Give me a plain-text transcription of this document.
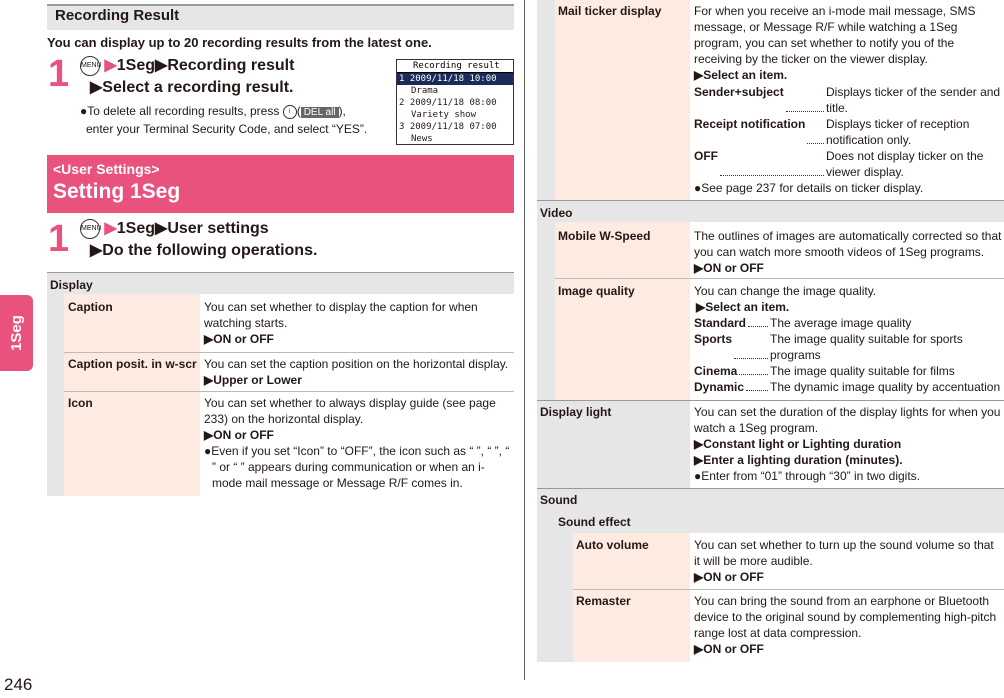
1Seg
246
Recording Result
You can display up to 20 recording results from the latest one.
1 MENU ▶1Seg▶Recording result
▶Select a recording result.
●To delete all recording results, press i ( DEL all ),
enter your Terminal Security Code, and select “YES”.
Recording result
1 2009/11/18 10:00
Drama
2 2009/11/18 08:00
Variety show
3 2009/11/18 07:00
News
<User Settings>
Setting 1Seg
1 MENU ▶1Seg▶User settings
▶Do the following operations.
Display
Caption	You can set whether to display the caption for when watching starts.
▶ON or OFF
Caption posit. in w-scr You can set the caption position on the horizontal display.
▶Upper or Lower
Icon	You can set whether to always display guide (see page 233) on the horizontal display.
▶ON or OFF
●Even if you set “Icon” to “OFF”, the icon such as “ ”, “ ”, “ ” or “ ” appears during communication or when an i-mode mail message or Message R/F comes in.
Mail ticker display	For when you receive an i-mode mail message, SMS message, or Message R/F while watching a 1Seg program, you can set whether to notify you of the receiving by the ticker on the viewer display.
▶Select an item.
Sender+subject	Displays ticker of the sender and title.
Receipt notification Displays ticker of reception notification only.
OFF	Does not display ticker on the viewer display.
●See page 237 for details on ticker display.
Video
Mobile W-Speed	The outlines of images are automatically corrected so that you can watch more smooth videos of 1Seg programs.
▶ON or OFF
Image quality	You can change the image quality.
▶Select an item.
Standard The average image quality
Sports	The image quality suitable for sports programs
Cinema	The image quality suitable for films
Dynamic The dynamic image quality by accentuation
Display light	You can set the duration of the display lights for when you watch a 1Seg program.
▶Constant light or Lighting duration
▶Enter a lighting duration (minutes).
●Enter from “01” through “30” in two digits.
Sound
Sound effect
Auto volume	You can set whether to turn up the sound volume so that it will be more audible.
▶ON or OFF
Remaster	You can bring the sound from an earphone or Bluetooth device to the original sound by complementing high-pitch range lost at data compression.
▶ON or OFF
